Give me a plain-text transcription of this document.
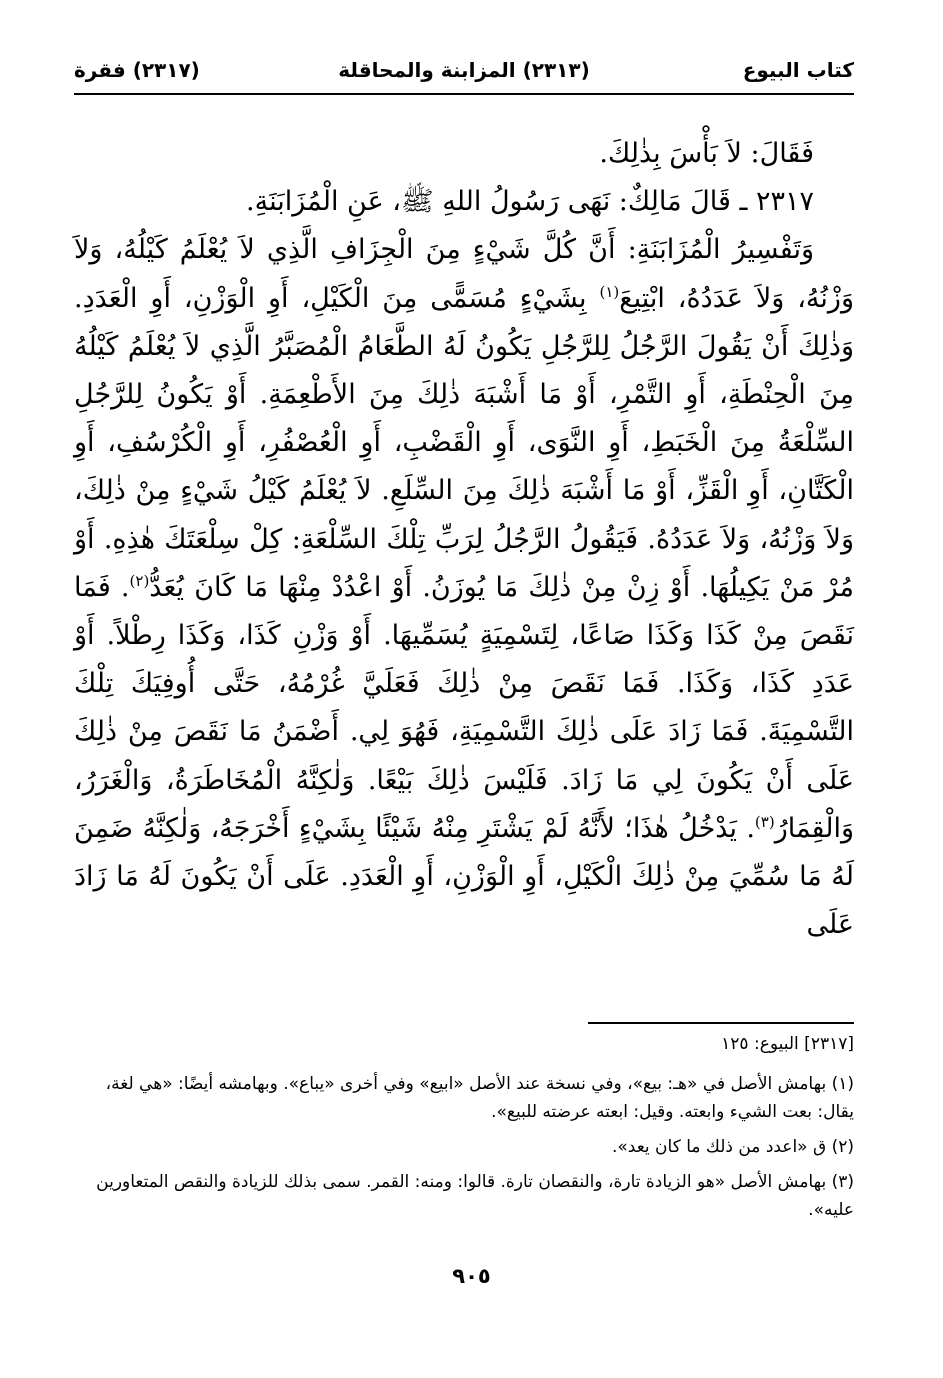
كتاب البيوع
(٢٣١٣) المزابنة والمحاقلة
(٢٣١٧) فقرة

فَقَالَ: لاَ بَأْسَ بِذٰلِكَ.

٢٣١٧ ـ قَالَ مَالِكٌ: نَهَى رَسُولُ اللهِ ﷺ، عَنِ الْمُزَابَنَةِ.

وَتَفْسِيرُ الْمُزَابَنَةِ: أَنَّ كُلَّ شَيْءٍ مِنَ الْجِزَافِ الَّذِي لاَ يُعْلَمُ كَيْلُهُ، وَلاَ وَزْنُهُ، وَلاَ عَدَدُهُ، ابْتِيعَ$^{(١)}$ بِشَيْءٍ مُسَمًّى مِنَ الْكَيْلِ، أَوِ الْوَزْنِ، أَوِ الْعَدَدِ. وَذٰلِكَ أَنْ يَقُولَ الرَّجُلُ لِلرَّجُلِ يَكُونُ لَهُ الطَّعَامُ الْمُصَبَّرُ الَّذِي لاَ يُعْلَمُ كَيْلُهُ مِنَ الْحِنْطَةِ، أَوِ التَّمْرِ، أَوْ مَا أَشْبَهَ ذٰلِكَ مِنَ الأَطْعِمَةِ. أَوْ يَكُونُ لِلرَّجُلِ السِّلْعَةُ مِنَ الْخَبَطِ، أَوِ النَّوَى، أَوِ الْقَضْبِ، أَوِ الْعُصْفُرِ، أَوِ الْكُرْسُفِ، أَوِ الْكَتَّانِ، أَوِ الْقَزِّ، أَوْ مَا أَشْبَهَ ذٰلِكَ مِنَ السِّلَعِ. لاَ يُعْلَمُ كَيْلُ شَيْءٍ مِنْ ذٰلِكَ، وَلاَ وَزْنُهُ، وَلاَ عَدَدُهُ. فَيَقُولُ الرَّجُلُ لِرَبِّ تِلْكَ السِّلْعَةِ: كِلْ سِلْعَتَكَ هٰذِهِ. أَوْ مُرْ مَنْ يَكِيلُهَا. أَوْ زِنْ مِنْ ذٰلِكَ مَا يُوزَنُ. أَوْ اعْدُدْ مِنْهَا مَا كَانَ يُعَدُّ$^{(٢)}$. فَمَا نَقَصَ مِنْ كَذَا وَكَذَا صَاعًا، لِتَسْمِيَةٍ يُسَمِّيهَا. أَوْ وَزْنِ كَذَا، وَكَذَا رِطْلاً. أَوْ عَدَدِ كَذَا، وَكَذَا. فَمَا نَقَصَ مِنْ ذٰلِكَ فَعَلَيَّ غُرْمُهُ، حَتَّى أُوفِيَكَ تِلْكَ التَّسْمِيَةَ. فَمَا زَادَ عَلَى ذٰلِكَ التَّسْمِيَةِ، فَهُوَ لِي. أَضْمَنُ مَا نَقَصَ مِنْ ذٰلِكَ عَلَى أَنْ يَكُونَ لِي مَا زَادَ. فَلَيْسَ ذٰلِكَ بَيْعًا. وَلٰكِنَّهُ الْمُخَاطَرَةُ، وَالْغَرَرُ، وَالْقِمَارُ$^{(٣)}$. يَدْخُلُ هٰذَا؛ لأَنَّهُ لَمْ يَشْتَرِ مِنْهُ شَيْئًا بِشَيْءٍ أَخْرَجَهُ، وَلٰكِنَّهُ ضَمِنَ لَهُ مَا سُمِّيَ مِنْ ذٰلِكَ الْكَيْلِ، أَوِ الْوَزْنِ، أَوِ الْعَدَدِ. عَلَى أَنْ يَكُونَ لَهُ مَا زَادَ عَلَى

[٢٣١٧] البيوع: ١٢٥

(١) بهامش الأصل في «هـ: بيع»، وفي نسخة عند الأصل «ابيع» وفي أخرى «يباع». وبهامشه أيضًا: «هي لغة، يقال: بعت الشيء وابعته. وقيل: ابعته عرضته للبيع».

(٢) ق «اعدد من ذلك ما كان يعد».

(٣) بهامش الأصل «هو الزيادة تارة، والنقصان تارة. قالوا: ومنه: القمر. سمى بذلك للزيادة والنقص المتعاورين عليه».

٩٠٥
